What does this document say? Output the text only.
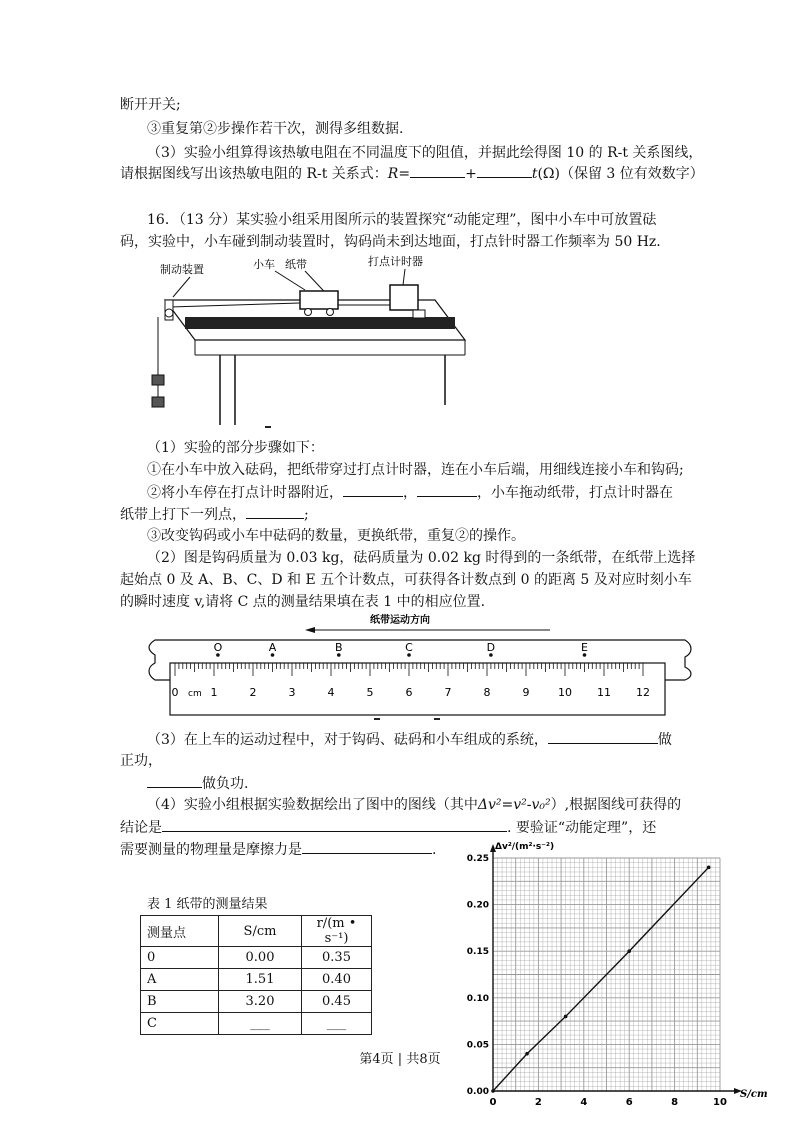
断开开关;
③重复第②步操作若干次，测得多组数据.
（3）实验小组算得该热敏电阻在不同温度下的阻值，并据此绘得图 10 的 R-t 关系图线，
请根据图线写出该热敏电阻的 R-t 关系式：R=	+	t(Ω)（保留 3 位有效数字）
16．（13 分）某实验小组采用图所示的装置探究“动能定理”，图中小车中可放置砝
码，实验中，小车碰到制动装置时，钩码尚未到达地面，打点针时器工作频率为 50 Hz.
制动装置	小车 纸带	打点计时器
（1）实验的部分步骤如下：
①在小车中放入砝码，把纸带穿过打点计时器，连在小车后端，用细线连接小车和钩码;
②将小车停在打点计时器附近，	，	，小车拖动纸带，打点计时器在
纸带上打下一列点，	;
③改变钩码或小车中砝码的数量，更换纸带，重复②的操作。
（2）图是钩码质量为 0.03 kg，砝码质量为 0.02 kg 时得到的一条纸带，在纸带上选择
起始点 0 及 A、B、C、D 和 E 五个计数点，可获得各计数点到 0 的距离 5 及对应时刻小车
的瞬时速度 v,请将 C 点的测量结果填在表 1 中的相应位置.
纸带运动方向
O	A	B	C	D	E
0	1	2	3	4	5	6	7	8	9	10 11 12
cm
（3）在上车的运动过程中，对于钩码、砝码和小车组成的系统，	做
正功，
做负功.
（4）实验小组根据实验数据绘出了图中的图线（其中Δv²=v²-v₀²）,根据图线可获得的
结论是	. 要验证“动能定理”，还
需要测量的物理量是摩擦力是	.
表 1 纸带的测量结果
测量点	S/cm	r/(m • s⁻¹)
0	0.00	0.35
A	1.51	0.40
B	3.20	0.45
C	___	___
0	2	4	6	8	10
0.00
0.05
0.10
0.15
0.20
0.25
Δv²/(m²·s⁻²)
S/cm
第4页 | 共8页
